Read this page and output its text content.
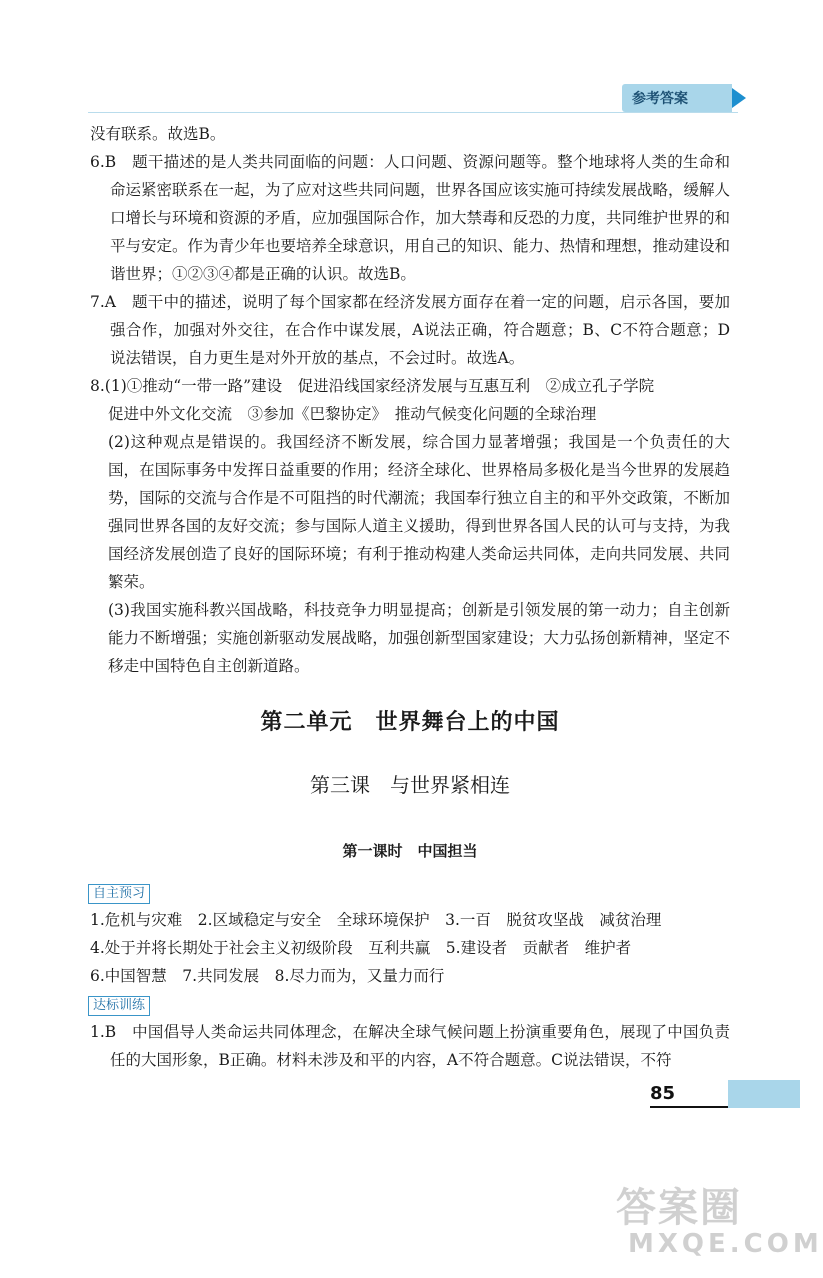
参考答案

没有联系。故选B。

6.B　题干描述的是人类共同面临的问题：人口问题、资源问题等。整个地球将人类的生命和命运紧密联系在一起，为了应对这些共同问题，世界各国应该实施可持续发展战略，缓解人口增长与环境和资源的矛盾，应加强国际合作，加大禁毒和反恐的力度，共同维护世界的和平与安定。作为青少年也要培养全球意识，用自己的知识、能力、热情和理想，推动建设和谐世界；①②③④都是正确的认识。故选B。

7.A　题干中的描述，说明了每个国家都在经济发展方面存在着一定的问题，启示各国，要加强合作，加强对外交往，在合作中谋发展，A说法正确，符合题意；B、C不符合题意；D说法错误，自力更生是对外开放的基点，不会过时。故选A。

8.(1)①推动“一带一路”建设　促进沿线国家经济发展与互惠互利　②成立孔子学院

促进中外文化交流　③参加《巴黎协定》　推动气候变化问题的全球治理

(2)这种观点是错误的。我国经济不断发展，综合国力显著增强；我国是一个负责任的大国，在国际事务中发挥日益重要的作用；经济全球化、世界格局多极化是当今世界的发展趋势，国际的交流与合作是不可阻挡的时代潮流；我国奉行独立自主的和平外交政策，不断加强同世界各国的友好交流；参与国际人道主义援助，得到世界各国人民的认可与支持，为我国经济发展创造了良好的国际环境；有利于推动构建人类命运共同体，走向共同发展、共同繁荣。

(3)我国实施科教兴国战略，科技竞争力明显提高；创新是引领发展的第一动力；自主创新能力不断增强；实施创新驱动发展战略，加强创新型国家建设；大力弘扬创新精神，坚定不移走中国特色自主创新道路。

第二单元　世界舞台上的中国
第三课　与世界紧相连
第一课时　中国担当
自主预习

1.危机与灾难　2.区域稳定与安全　全球环境保护　3.一百　脱贫攻坚战　减贫治理

4.处于并将长期处于社会主义初级阶段　互利共赢　5.建设者　贡献者　维护者

6.中国智慧　7.共同发展　8.尽力而为，又量力而行

达标训练

1.B　中国倡导人类命运共同体理念，在解决全球气候问题上扮演重要角色，展现了中国负责任的大国形象，B正确。材料未涉及和平的内容，A不符合题意。C说法错误，不符

85
答案圈
MXQE.COM
